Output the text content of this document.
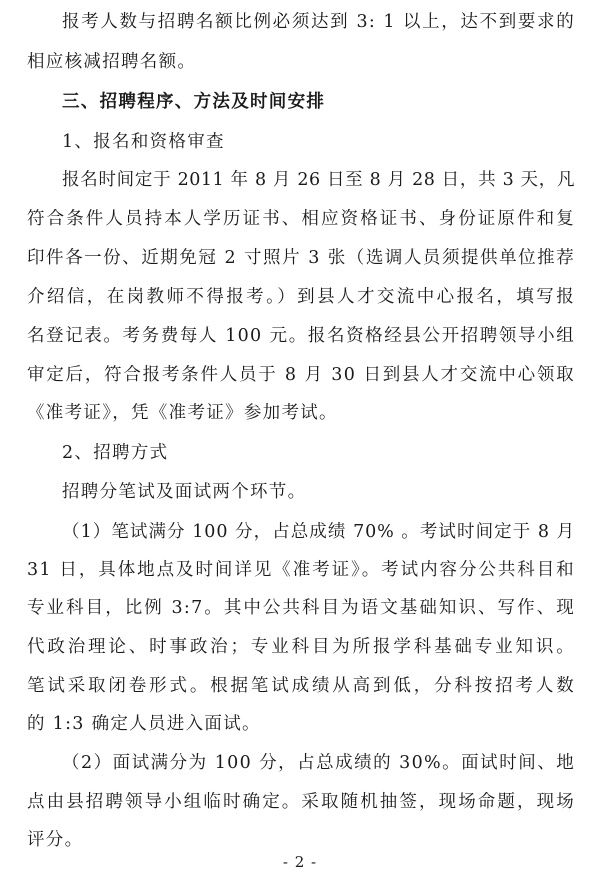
报考人数与招聘名额比例必须达到 3: 1 以上，达不到要求的
相应核减招聘名额。
三、招聘程序、方法及时间安排
1、报名和资格审查
报名时间定于 2011 年 8 月 26 日至 8 月 28 日，共 3 天，凡
符合条件人员持本人学历证书、相应资格证书、身份证原件和复
印件各一份、近期免冠 2 寸照片 3 张（选调人员须提供单位推荐
介绍信，在岗教师不得报考。）到县人才交流中心报名，填写报
名登记表。考务费每人 100 元。报名资格经县公开招聘领导小组
审定后，符合报考条件人员于 8 月 30 日到县人才交流中心领取
《准考证》，凭《准考证》参加考试。
2、招聘方式
招聘分笔试及面试两个环节。
（1）笔试满分 100 分，占总成绩 70% 。考试时间定于 8 月
31 日，具体地点及时间详见《准考证》。考试内容分公共科目和
专业科目，比例 3:7。其中公共科目为语文基础知识、写作、现
代政治理论、时事政治；专业科目为所报学科基础专业知识。
笔试采取闭卷形式。根据笔试成绩从高到低，分科按招考人数
的 1:3 确定人员进入面试。
（2）面试满分为 100 分，占总成绩的 30%。面试时间、地
点由县招聘领导小组临时确定。采取随机抽签，现场命题，现场
评分。
- 2 -
